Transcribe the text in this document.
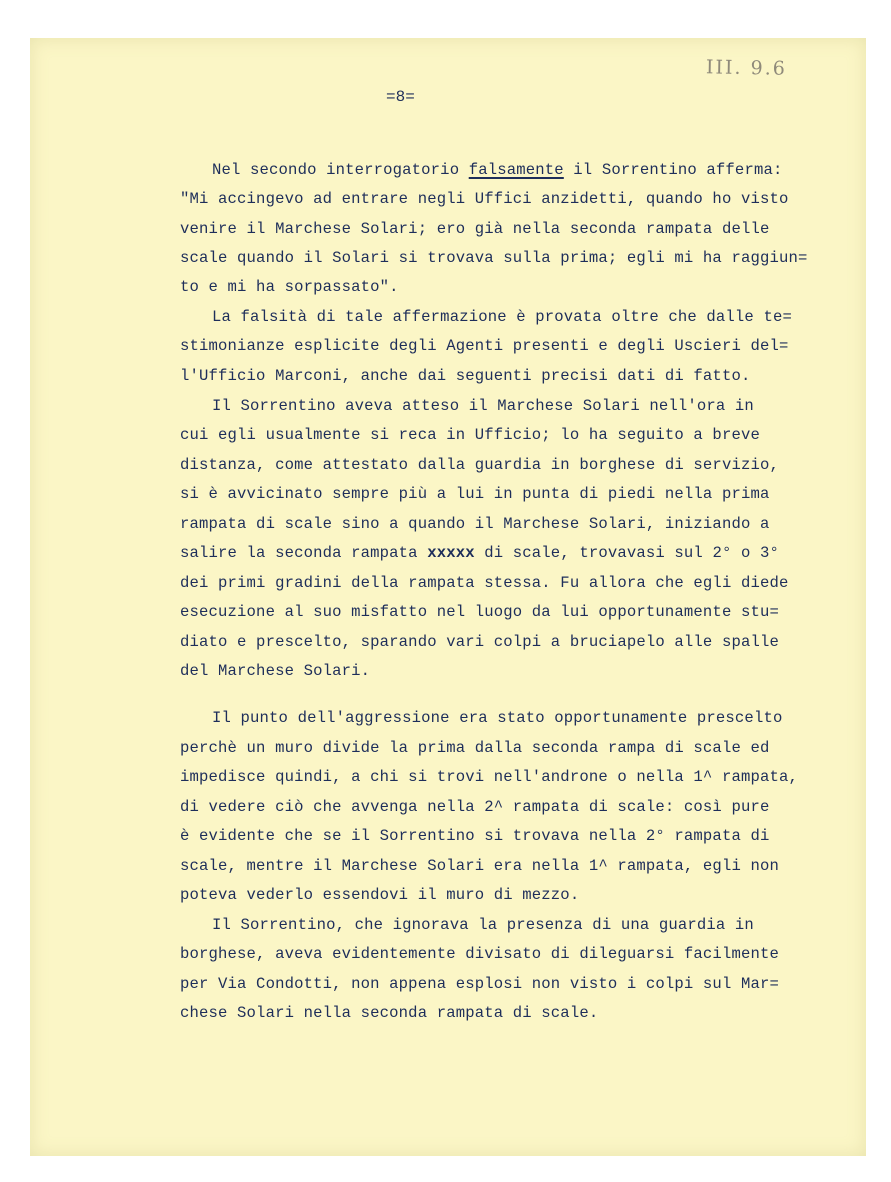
III. 9.6
=8=
Nel secondo interrogatorio falsamente il Sorrentino afferma:
"Mi accingevo ad entrare negli Uffici anzidetti, quando ho visto
venire il Marchese Solari; ero già nella seconda rampata delle
scale quando il Solari si trovava sulla prima; egli mi ha raggiun=
to e mi ha sorpassato".
La falsità di tale affermazione è provata oltre che dalle te=
stimonianze esplicite degli Agenti presenti e degli Uscieri del=
l'Ufficio Marconi, anche dai seguenti precisi dati di fatto.
Il Sorrentino aveva atteso il Marchese Solari nell'ora in
cui egli usualmente si reca in Ufficio; lo ha seguito a breve
distanza, come attestato dalla guardia in borghese di servizio,
si è avvicinato sempre più a lui in punta di piedi nella prima
rampata di scale sino a quando il Marchese Solari, iniziando a
salire la seconda rampata xxxxx di scale, trovavasi sul 2° o 3°
dei primi gradini della rampata stessa. Fu allora che egli diede
esecuzione al suo misfatto nel luogo da lui opportunamente stu=
diato e prescelto, sparando vari colpi a bruciapelo alle spalle
del Marchese Solari.
Il punto dell'aggressione era stato opportunamente prescelto
perchè un muro divide la prima dalla seconda rampa di scale ed
impedisce quindi, a chi si trovi nell'androne o nella 1^ rampata,
di vedere ciò che avvenga nella 2^ rampata di scale: così pure
è evidente che se il Sorrentino si trovava nella 2° rampata di
scale, mentre il Marchese Solari era nella 1^ rampata, egli non
poteva vederlo essendovi il muro di mezzo.
Il Sorrentino, che ignorava la presenza di una guardia in
borghese, aveva evidentemente divisato di dileguarsi facilmente
per Via Condotti, non appena esplosi non visto i colpi sul Mar=
chese Solari nella seconda rampata di scale.
